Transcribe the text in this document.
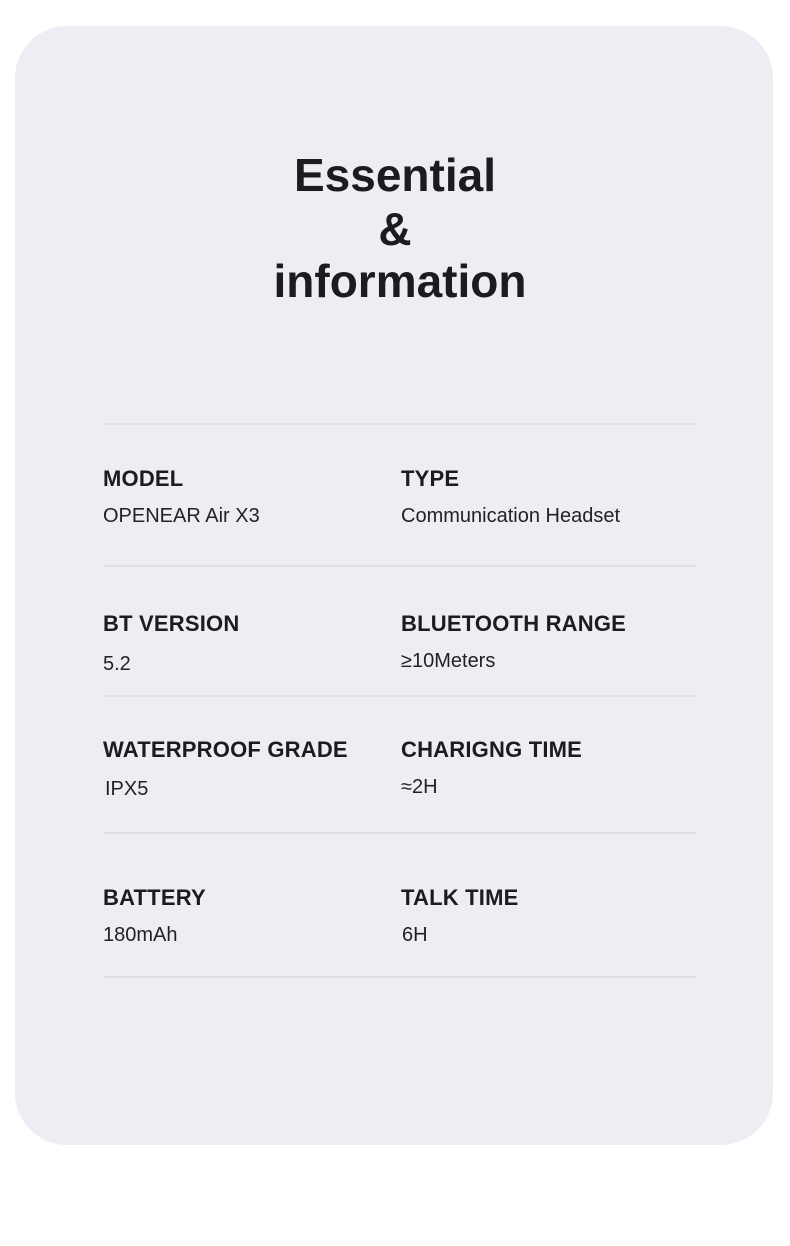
Essential
&
information
MODEL
OPENEAR Air X3
TYPE
Communication Headset
BT VERSION
5.2
BLUETOOTH RANGE
≥10Meters
WATERPROOF GRADE
IPX5
CHARIGNG TIME
≈2H
BATTERY
180mAh
TALK TIME
6H
